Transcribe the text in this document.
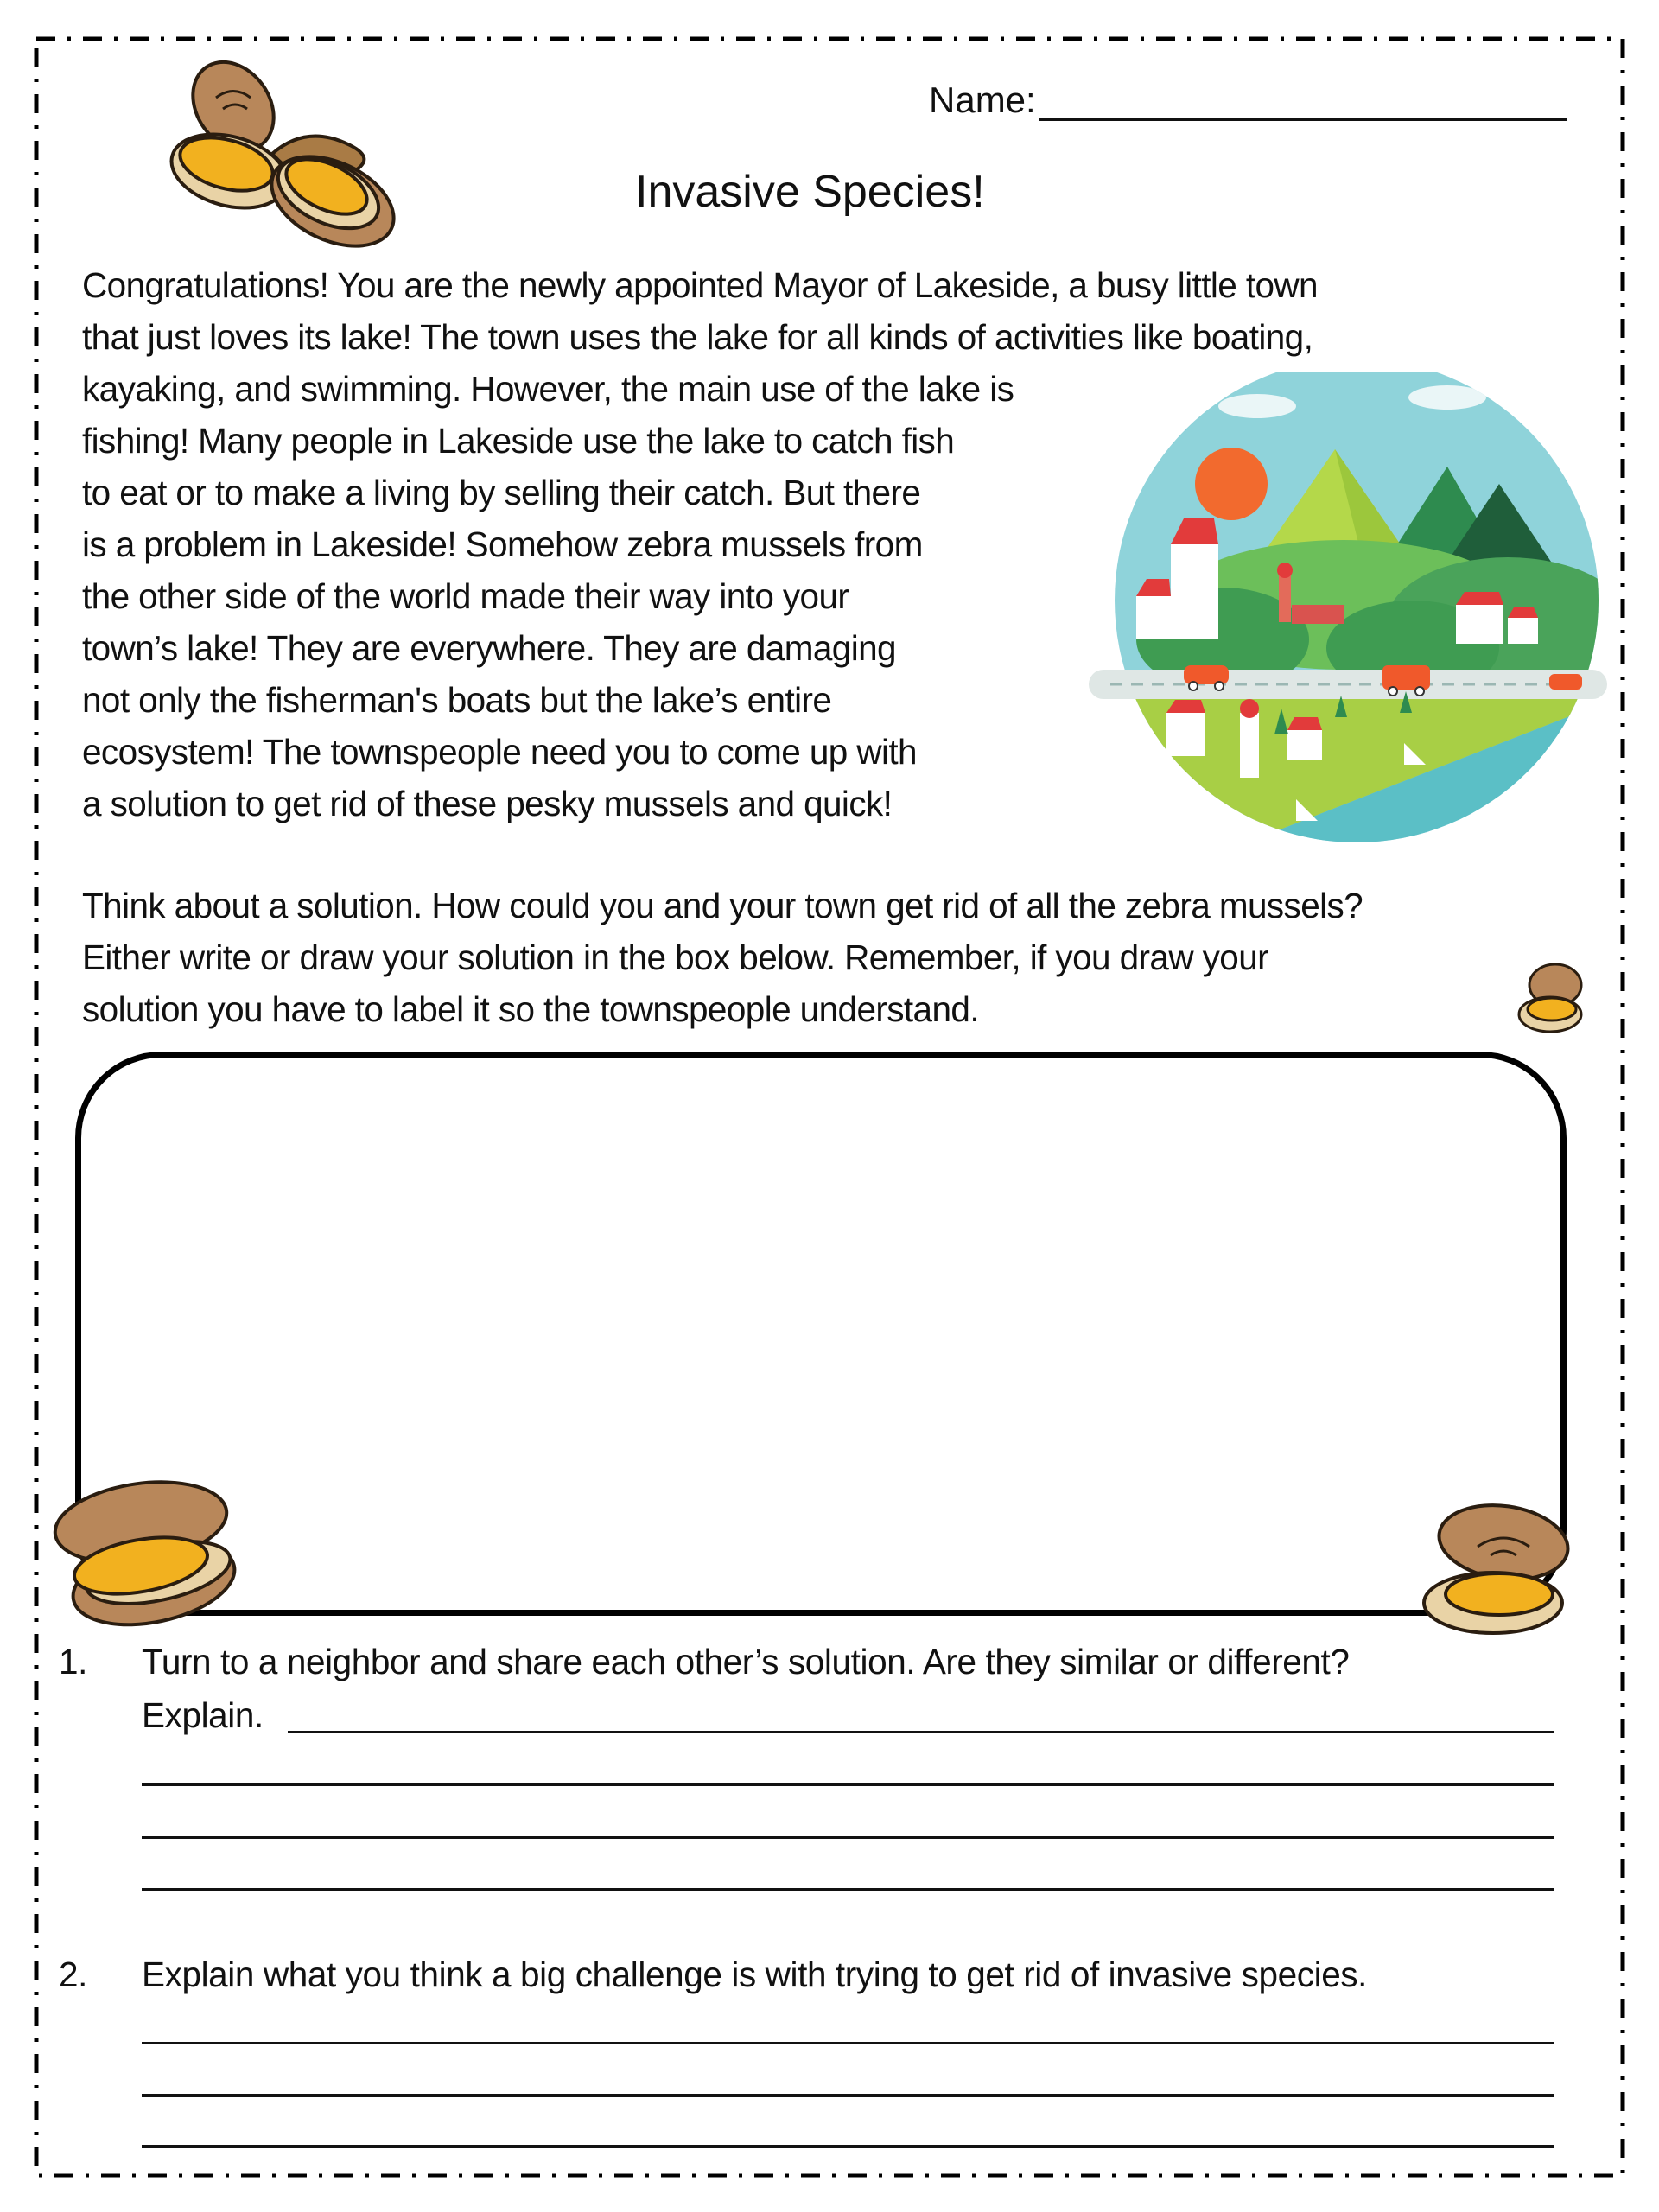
Name:
Invasive Species!
Congratulations! You are the newly appointed Mayor of Lakeside, a busy little town
that just loves its lake! The town uses the lake for all kinds of activities like boating,
kayaking, and swimming. However, the main use of the lake is
fishing! Many people in Lakeside use the lake to catch fish
to eat or to make a living by selling their catch. But there
is a problem in Lakeside! Somehow zebra mussels from
the other side of the world made their way into your
town’s lake! They are everywhere. They are damaging
not only the fisherman's boats but the lake’s entire
ecosystem! The townspeople need you to come up with
a solution to get rid of these pesky mussels and quick!
Think about a solution. How could you and your town get rid of all the zebra mussels?
Either write or draw your solution in the box below. Remember, if you draw your
solution you have to label it so the townspeople understand.
1. Turn to a neighbor and share each other’s solution. Are they similar or different?
Explain.
2. Explain what you think a big challenge is with trying to get rid of invasive species.
